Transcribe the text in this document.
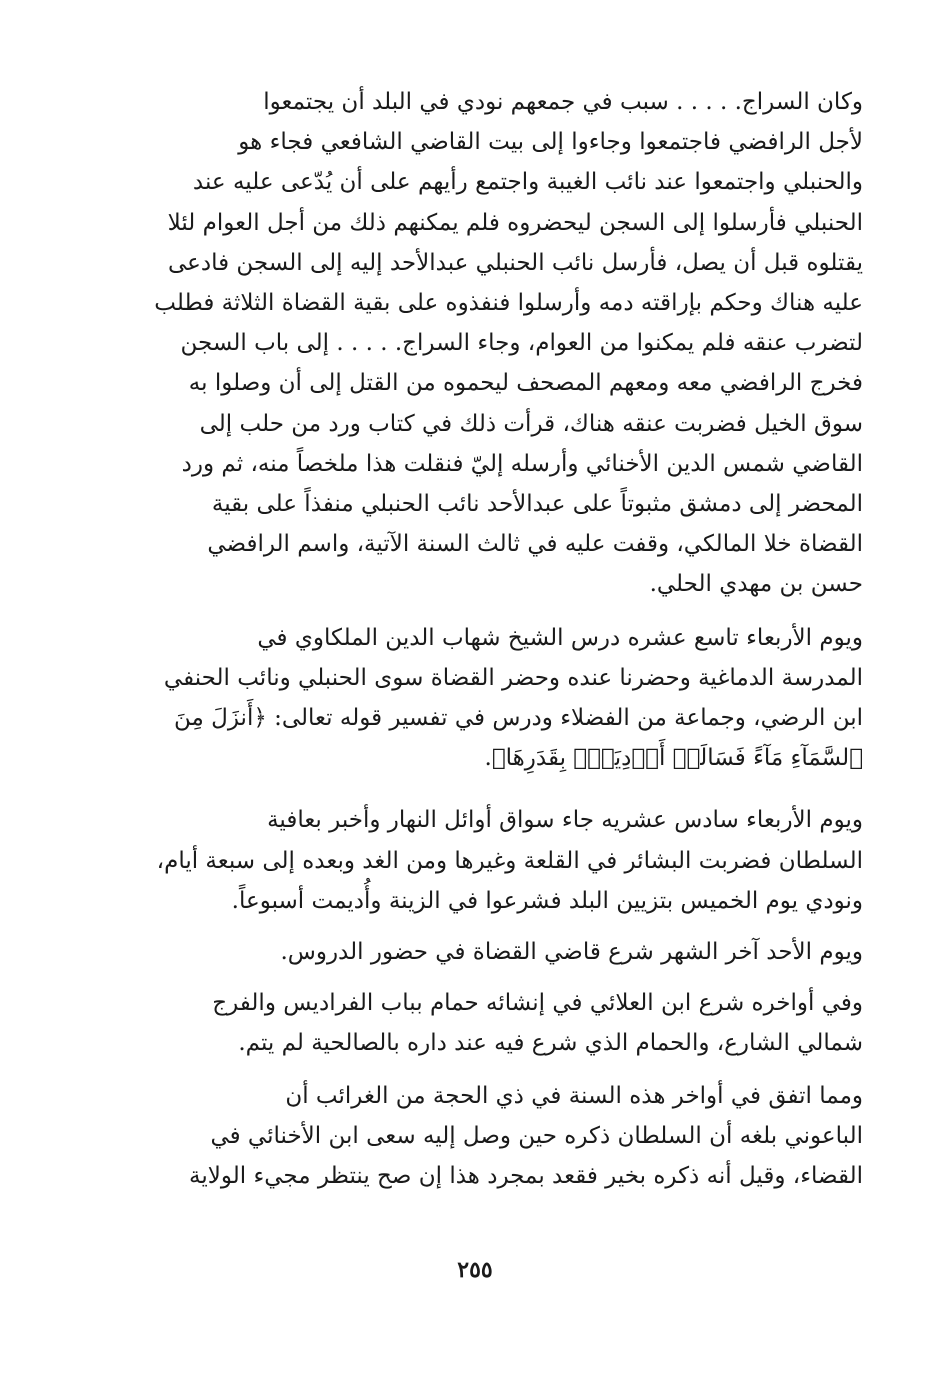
وكان السراج. . . . . سبب في جمعهم نودي في البلد أن يجتمعوا
لأجل الرافضي فاجتمعوا وجاءوا إلى بيت القاضي الشافعي فجاء هو
والحنبلي واجتمعوا عند نائب الغيبة واجتمع رأيهم على أن يُدّعى عليه عند
الحنبلي فأرسلوا إلى السجن ليحضروه فلم يمكنهم ذلك من أجل العوام لئلا
يقتلوه قبل أن يصل، فأرسل نائب الحنبلي عبدالأحد إليه إلى السجن فادعى
عليه هناك وحكم بإراقته دمه وأرسلوا فنفذوه على بقية القضاة الثلاثة فطلب
لتضرب عنقه فلم يمكنوا من العوام، وجاء السراج. . . . . إلى باب السجن
فخرج الرافضي معه ومعهم المصحف ليحموه من القتل إلى أن وصلوا به
سوق الخيل فضربت عنقه هناك، قرأت ذلك في كتاب ورد من حلب إلى
القاضي شمس الدين الأخنائي وأرسله إليّ فنقلت هذا ملخصاً منه، ثم ورد
المحضر إلى دمشق مثبوتاً على عبدالأحد نائب الحنبلي منفذاً على بقية
القضاة خلا المالكي، وقفت عليه في ثالث السنة الآتية، واسم الرافضي
حسن بن مهدي الحلي.

ويوم الأربعاء تاسع عشره درس الشيخ شهاب الدين الملكاوي في
المدرسة الدماغية وحضرنا عنده وحضر القضاة سوى الحنبلي ونائب الحنفي
ابن الرضي، وجماعة من الفضلاء ودرس في تفسير قوله تعالى: ﴿أَنزَلَ مِنَ
ٱلسَّمَآءِ مَآءً فَسَالَتۡ أَوۡدِيَةُۢ بِقَدَرِهَا﴾.

ويوم الأربعاء سادس عشريه جاء سواق أوائل النهار وأخبر بعافية
السلطان فضربت البشائر في القلعة وغيرها ومن الغد وبعده إلى سبعة أيام،
ونودي يوم الخميس بتزيين البلد فشرعوا في الزينة وأُديمت أسبوعاً.

ويوم الأحد آخر الشهر شرع قاضي القضاة في حضور الدروس.

وفي أواخره شرع ابن العلائي في إنشائه حمام بباب الفراديس والفرج
شمالي الشارع، والحمام الذي شرع فيه عند داره بالصالحية لم يتم.

ومما اتفق في أواخر هذه السنة في ذي الحجة من الغرائب أن
الباعوني بلغه أن السلطان ذكره حين وصل إليه سعى ابن الأخنائي في
القضاء، وقيل أنه ذكره بخير فقعد بمجرد هذا إن صح ينتظر مجيء الولاية

٢٥٥
